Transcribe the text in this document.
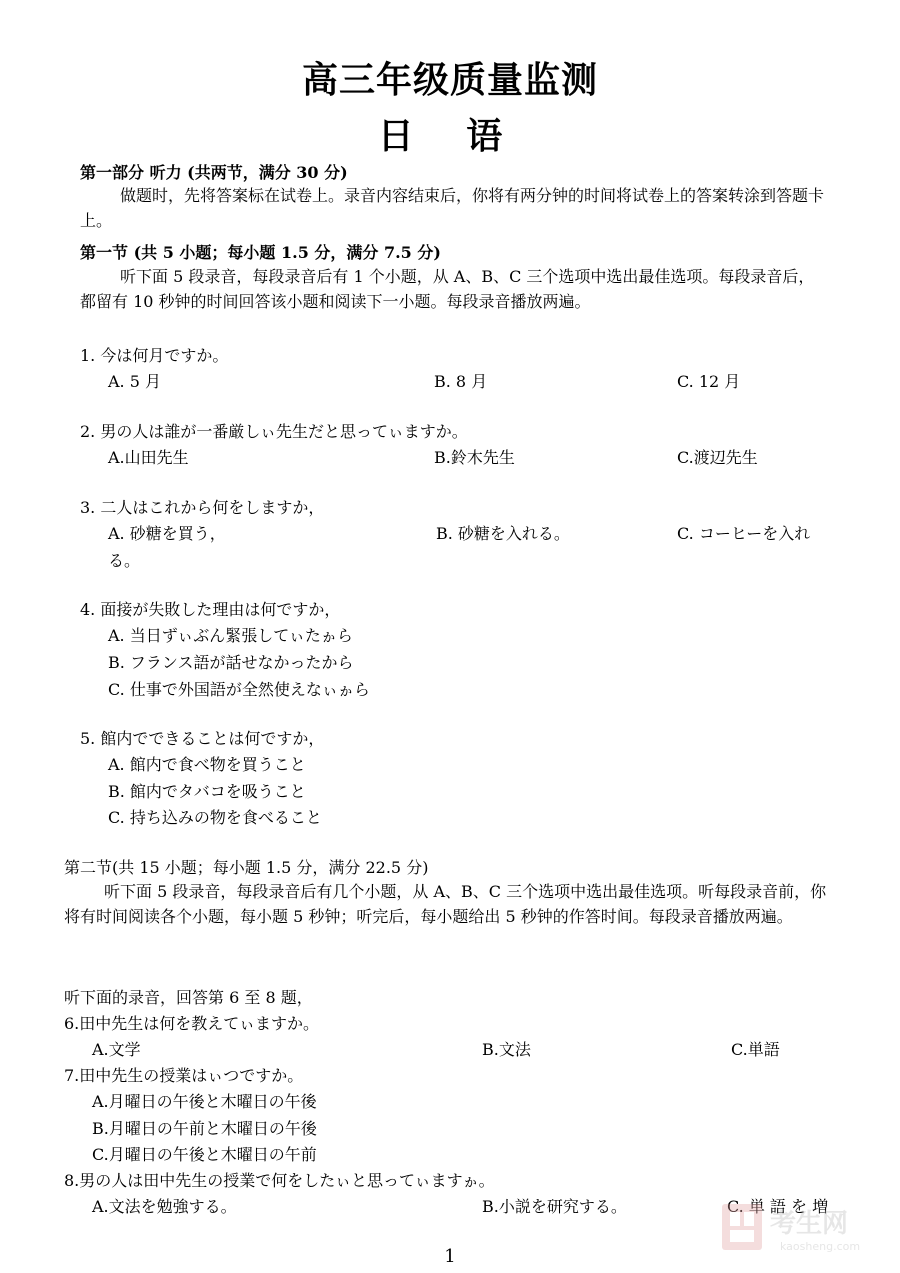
高三年级质量监测
日 语
第一部分 听力 (共两节，满分 30 分)
做题时，先将答案标在试卷上。录音内容结束后，你将有两分钟的时间将试卷上的答案转涂到答题卡上。
第一节 (共 5 小题；每小题 1.5 分，满分 7.5 分)
听下面 5 段录音，每段录音后有 1 个小题，从 A、B、C 三个选项中选出最佳选项。每段录音后，都留有 10 秒钟的时间回答该小题和阅读下一小题。每段录音播放两遍。
1. 今は何月ですか。
A. 5 月	B. 8 月	C. 12 月
2. 男の人は誰が一番厳しぃ先生だと思ってぃますか。
A.山田先生	B.鈴木先生	C.渡辺先生
3. 二人はこれから何をしますか，
A. 砂糖を買う，	B. 砂糖を入れる。	C. コーヒーを入れ
る。
4. 面接が失敗した理由は何ですか，
A. 当日ずぃぶん緊張してぃたゕら
B. フランス語が話せなかったから
C. 仕事で外国語が全然使えなぃゕら
5. 館内でできることは何ですか，
A. 館内で食べ物を買うこと
B. 館内でタバコを吸うこと
C. 持ち込みの物を食べること
第二节(共 15 小题；每小题 1.5 分，满分 22.5 分)
听下面 5 段录音，每段录音后有几个小题，从 A、B、C 三个选项中选出最佳选项。听每段录音前，你将有时间阅读各个小题，每小题 5 秒钟；听完后，每小题给出 5 秒钟的作答时间。每段录音播放两遍。
听下面的录音，回答第 6 至 8 题，
6.田中先生は何を教えてぃますか。
A.文学	B.文法	C.単語
7.田中先生の授業はぃつですか。
A.月曜日の午後と木曜日の午後
B.月曜日の午前と木曜日の午後
C.月曜日の午後と木曜日の午前
8.男の人は田中先生の授業で何をしたぃと思ってぃますゕ。
A.文法を勉強する。	B.小説を研究する。	C. 単 語 を 増
1
考生网
kaosheng.com
